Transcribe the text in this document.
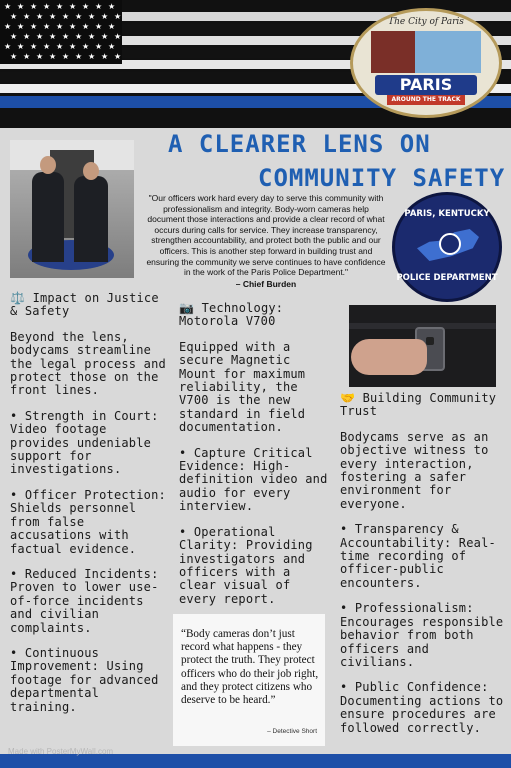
★ ★ ★ ★ ★ ★ ★ ★ ★
★ ★ ★ ★ ★ ★ ★ ★ ★
★ ★ ★ ★ ★ ★ ★ ★ ★
★ ★ ★ ★ ★ ★ ★ ★ ★
★ ★ ★ ★ ★ ★ ★ ★ ★
★ ★ ★ ★ ★ ★ ★ ★ ★
The City of Paris
PARIS
AROUND THE TRACK
A CLEARER LENS ON
COMMUNITY SAFETY
"Our officers work hard every day to serve this community with professionalism and integrity. Body-worn cameras help document those interactions and provide a clear record of what occurs during calls for service. They increase transparency, strengthen accountability, and protect both the public and our officers. This is another step forward in building trust and ensuring the community we serve continues to have confidence in the work of the Paris Police Department."
– Chief Burden
PARIS, KENTUCKY
POLICE DEPARTMENT

⚖️ Impact on Justice & Safety

Beyond the lens, bodycams streamline the legal process and protect those on the front lines.

• Strength in Court: Video footage provides undeniable support for investigations.

• Officer Protection: Shields personnel from false accusations with factual evidence.

• Reduced Incidents: Proven to lower use-of-force incidents and civilian complaints.

• Continuous Improvement: Using footage for advanced departmental training.

📷 Technology: Motorola V700

Equipped with a secure Magnetic Mount for maximum reliability, the V700 is the new standard in field documentation.

• Capture Critical Evidence: High-definition video and audio for every interview.

• Operational Clarity: Providing investigators and officers with a clear visual of every report.

“Body cameras don’t just record what happens - they protect the truth. They protect officers who do their job right, and they protect citizens who deserve to be heard.”
– Detective Short

🤝 Building Community Trust

Bodycams serve as an objective witness to every interaction, fostering a safer environment for everyone.

• Transparency & Accountability: Real-time recording of officer-public encounters.

• Professionalism: Encourages responsible behavior from both officers and civilians.

• Public Confidence: Documenting actions to ensure procedures are followed correctly.

Made with PosterMyWall.com
